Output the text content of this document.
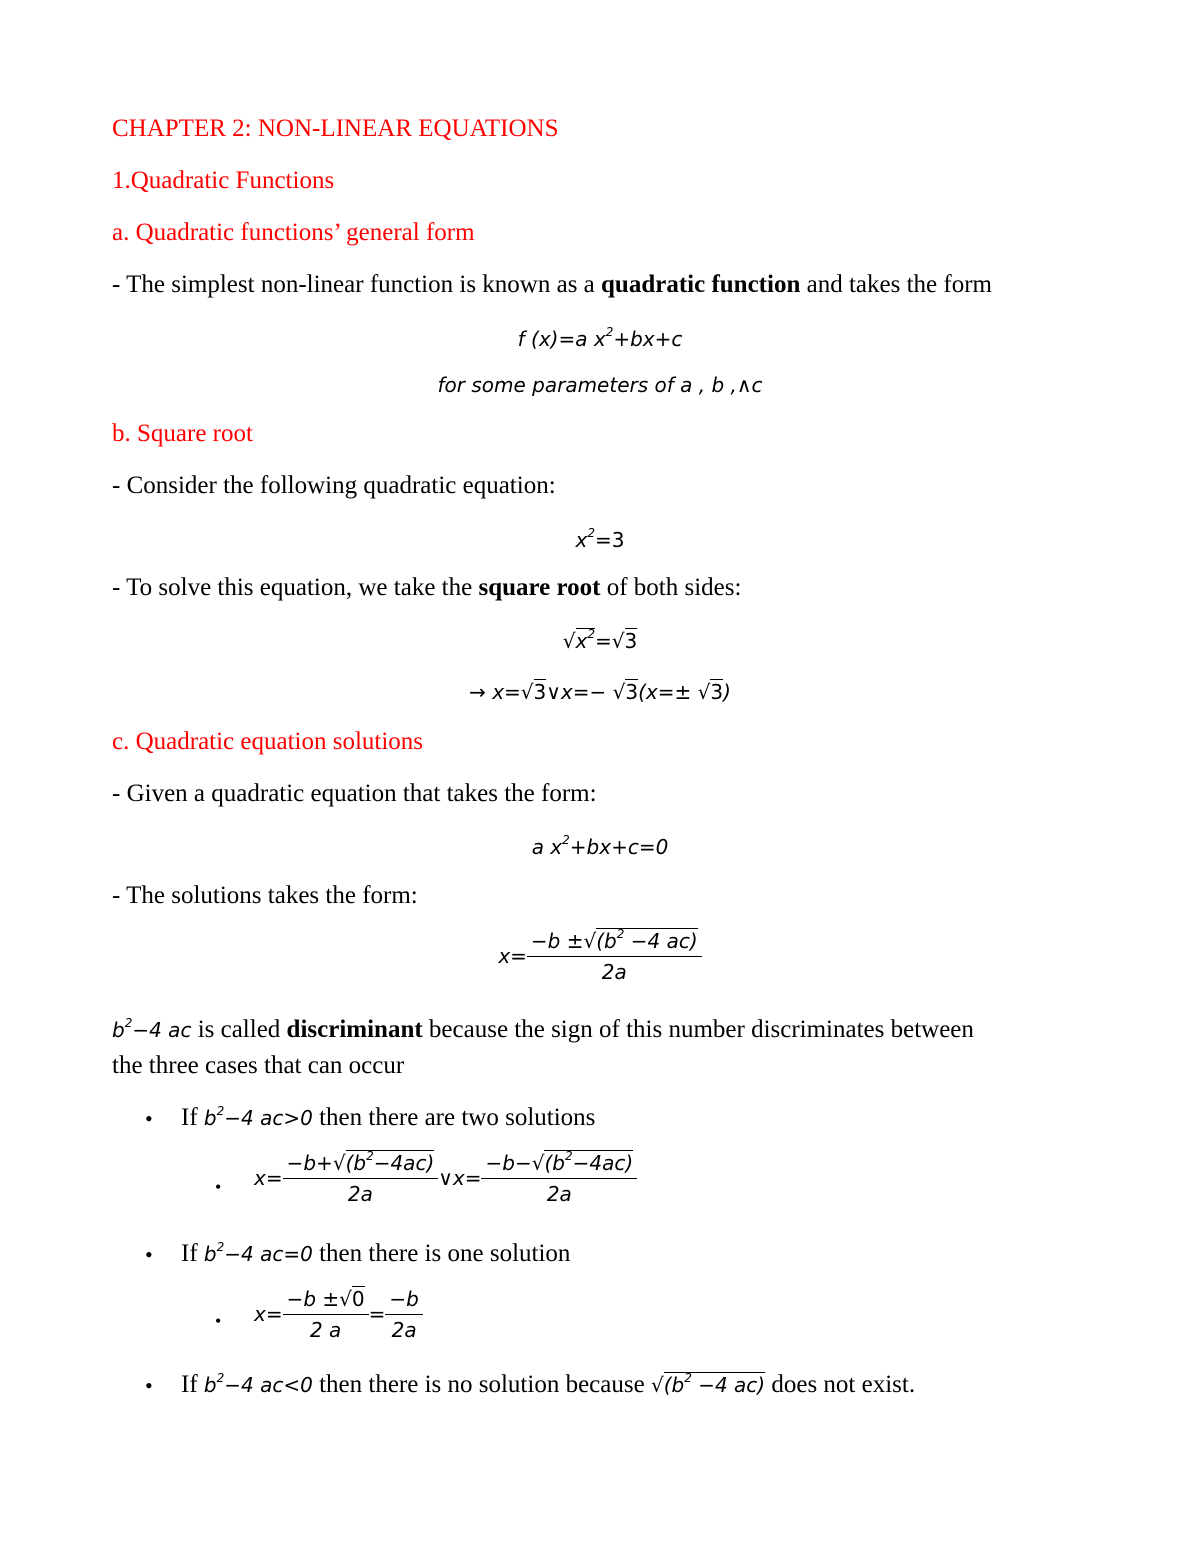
CHAPTER 2: NON-LINEAR EQUATIONS
1.Quadratic Functions
a. Quadratic functions’ general form
- The simplest non-linear function is known as a quadratic function and takes the form
f (x)=a $x^2+bx+c$
for some parameters of a , b ,∧c
b. Square root
- Consider the following quadratic equation:
$x^2=3$
- To solve this equation, we take the square root of both sides:
$√x^2=√3$
→ x=√3∨x=− √3(x=± √3)
c. Quadratic equation solutions
- Given a quadratic equation that takes the form:
a $x^2+bx+c=0$
- The solutions takes the form:
$x= \frac{-b \pm√(b^2 -4 ac)}{2a}$
$b^2-4$ ac is called discriminant because the sign of this number discriminates between
the three cases that can occur
• If $b^2-4$ ac>0 then there are two solutions
• $x= \frac{-b+√(b^2-4ac)}{2a}$ ∨x= $\frac{-b-√(b^2-4ac)}{2a}$
• If $b^2-4$ ac=0 then there is one solution
• $x= \frac{-b \pm√0}{2 a} = \frac{-b}{2a}$
• If $b^2-4$ ac<0 then there is no solution because $√(b^2 -4$ ac) does not exist.
